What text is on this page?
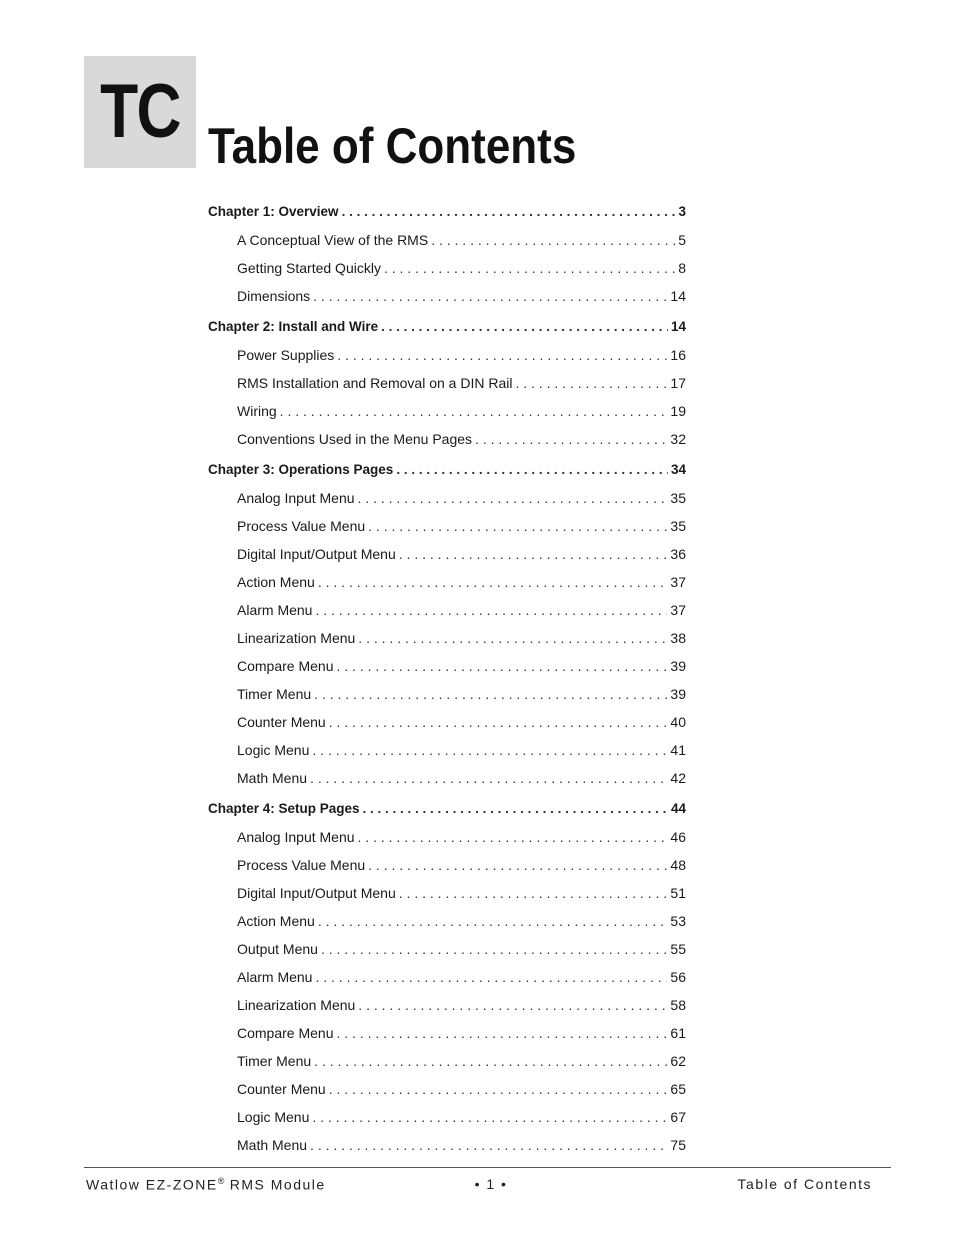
TC Table of Contents
Chapter 1: Overview . . .	3
A Conceptual View of the RMS . . .	5
Getting Started Quickly . . .	8
Dimensions . . .	14
Chapter 2: Install and Wire . . .	14
Power Supplies . . .	16
RMS Installation and Removal on a DIN Rail . . .	17
Wiring . . .	19
Conventions Used in the Menu Pages . . .	32
Chapter 3: Operations Pages . . .	34
Analog Input Menu . . .	35
Process Value Menu . . .	35
Digital Input/Output Menu . . .	36
Action Menu . . .	37
Alarm Menu . . .	37
Linearization Menu . . .	38
Compare Menu . . .	39
Timer Menu . . .	39
Counter Menu . . .	40
Logic Menu . . .	41
Math Menu . . .	42
Chapter 4: Setup Pages . . .	44
Analog Input Menu . . .	46
Process Value Menu . . .	48
Digital Input/Output Menu . . .	51
Action Menu . . .	53
Output Menu . . .	55
Alarm Menu . . .	56
Linearization Menu . . .	58
Compare Menu . . .	61
Timer Menu . . .	62
Counter Menu . . .	65
Logic Menu . . .	67
Math Menu . . .	75
Watlow EZ-ZONE® RMS Module	• 1 •	Table of Contents
